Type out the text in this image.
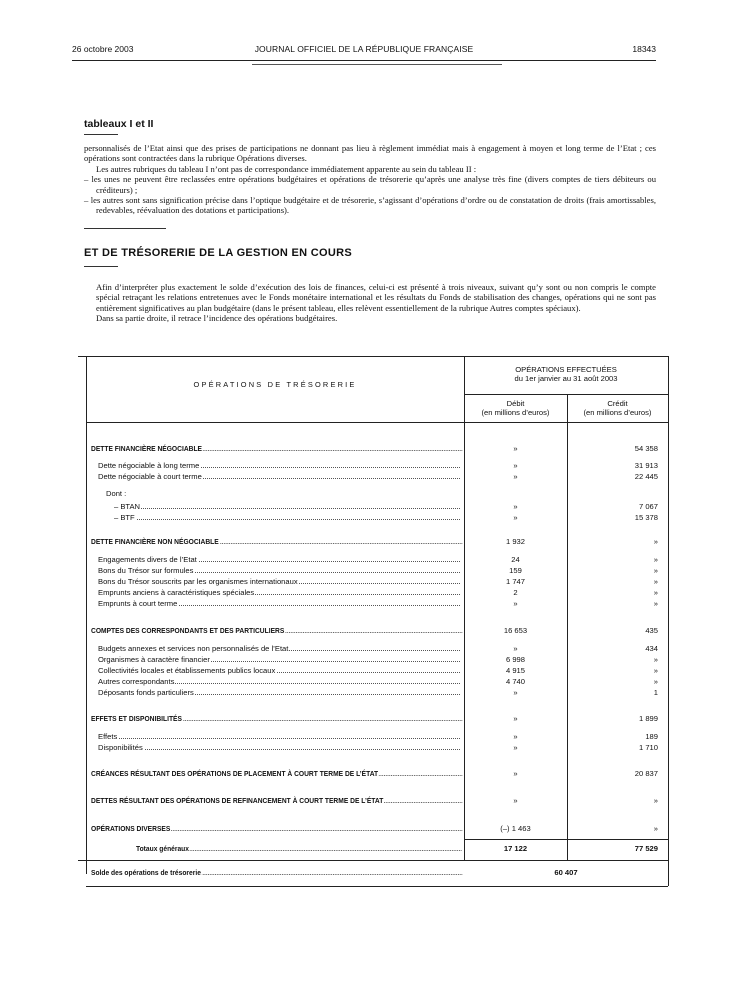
26 octobre 2003	JOURNAL OFFICIEL DE LA RÉPUBLIQUE FRANÇAISE	18343
tableaux I et II
personnalisés de l’Etat ainsi que des prises de participations ne donnant pas lieu à règlement immédiat mais à engagement à moyen et long terme de l’Etat ; ces opérations sont contractées dans la rubrique Opérations diverses.
Les autres rubriques du tableau I n’ont pas de correspondance immédiatement apparente au sein du tableau II :
– les unes ne peuvent être reclassées entre opérations budgétaires et opérations de trésorerie qu’après une analyse très fine (divers comptes de tiers débiteurs ou créditeurs) ;
– les autres sont sans signification précise dans l’optique budgétaire et de trésorerie, s’agissant d’opérations d’ordre ou de constatation de droits (frais amortissables, redevables, réévaluation des dotations et participations).
ET DE TRÉSORERIE DE LA GESTION EN COURS
Afin d’interpréter plus exactement le solde d’exécution des lois de finances, celui-ci est présenté à trois niveaux, suivant qu’y sont ou non compris le compte spécial retraçant les relations entretenues avec le Fonds monétaire international et les résultats du Fonds de stabilisation des changes, opérations qui ne sont pas entièrement significatives au plan budgétaire (dans le présent tableau, elles relèvent essentiellement de la rubrique Autres comptes spéciaux).
Dans sa partie droite, il retrace l’incidence des opérations budgétaires.
OPÉRATIONS DE TRÉSORERIE
OPÉRATIONS EFFECTUÉES
du 1er janvier au 31 août 2003
Débit
(en millions d’euros)
Crédit
(en millions d’euros)
DETTE FINANCIÈRE NÉGOCIABLE	»	54 358
Dette négociable à long terme	»	31 913
Dette négociable à court terme	»	22 445
Dont :
– BTAN	»	7 067
– BTF	»	15 378
DETTE FINANCIÈRE NON NÉGOCIABLE	1 932	»
Engagements divers de l’Etat	24	»
Bons du Trésor sur formules	159	»
Bons du Trésor souscrits par les organismes internationaux	1 747	»
Emprunts anciens à caractéristiques spéciales	2	»
Emprunts à court terme	»	»
COMPTES DES CORRESPONDANTS ET DES PARTICULIERS	16 653	435
Budgets annexes et services non personnalisés de l’Etat	»	434
Organismes à caractère financier	6 998	»
Collectivités locales et établissements publics locaux	4 915	»
Autres correspondants	4 740	»
Déposants fonds particuliers	»	1
EFFETS ET DISPONIBILITÉS	»	1 899
Effets	»	189
Disponibilités	»	1 710
CRÉANCES RÉSULTANT DES OPÉRATIONS DE PLACEMENT À COURT TERME DE L’ÉTAT	»	20 837
DETTES RÉSULTANT DES OPÉRATIONS DE REFINANCEMENT À COURT TERME DE L’ÉTAT	»	»
OPÉRATIONS DIVERSES	(–) 1 463	»
Totaux généraux	17 122	77 529
Solde des opérations de trésorerie	60 407
